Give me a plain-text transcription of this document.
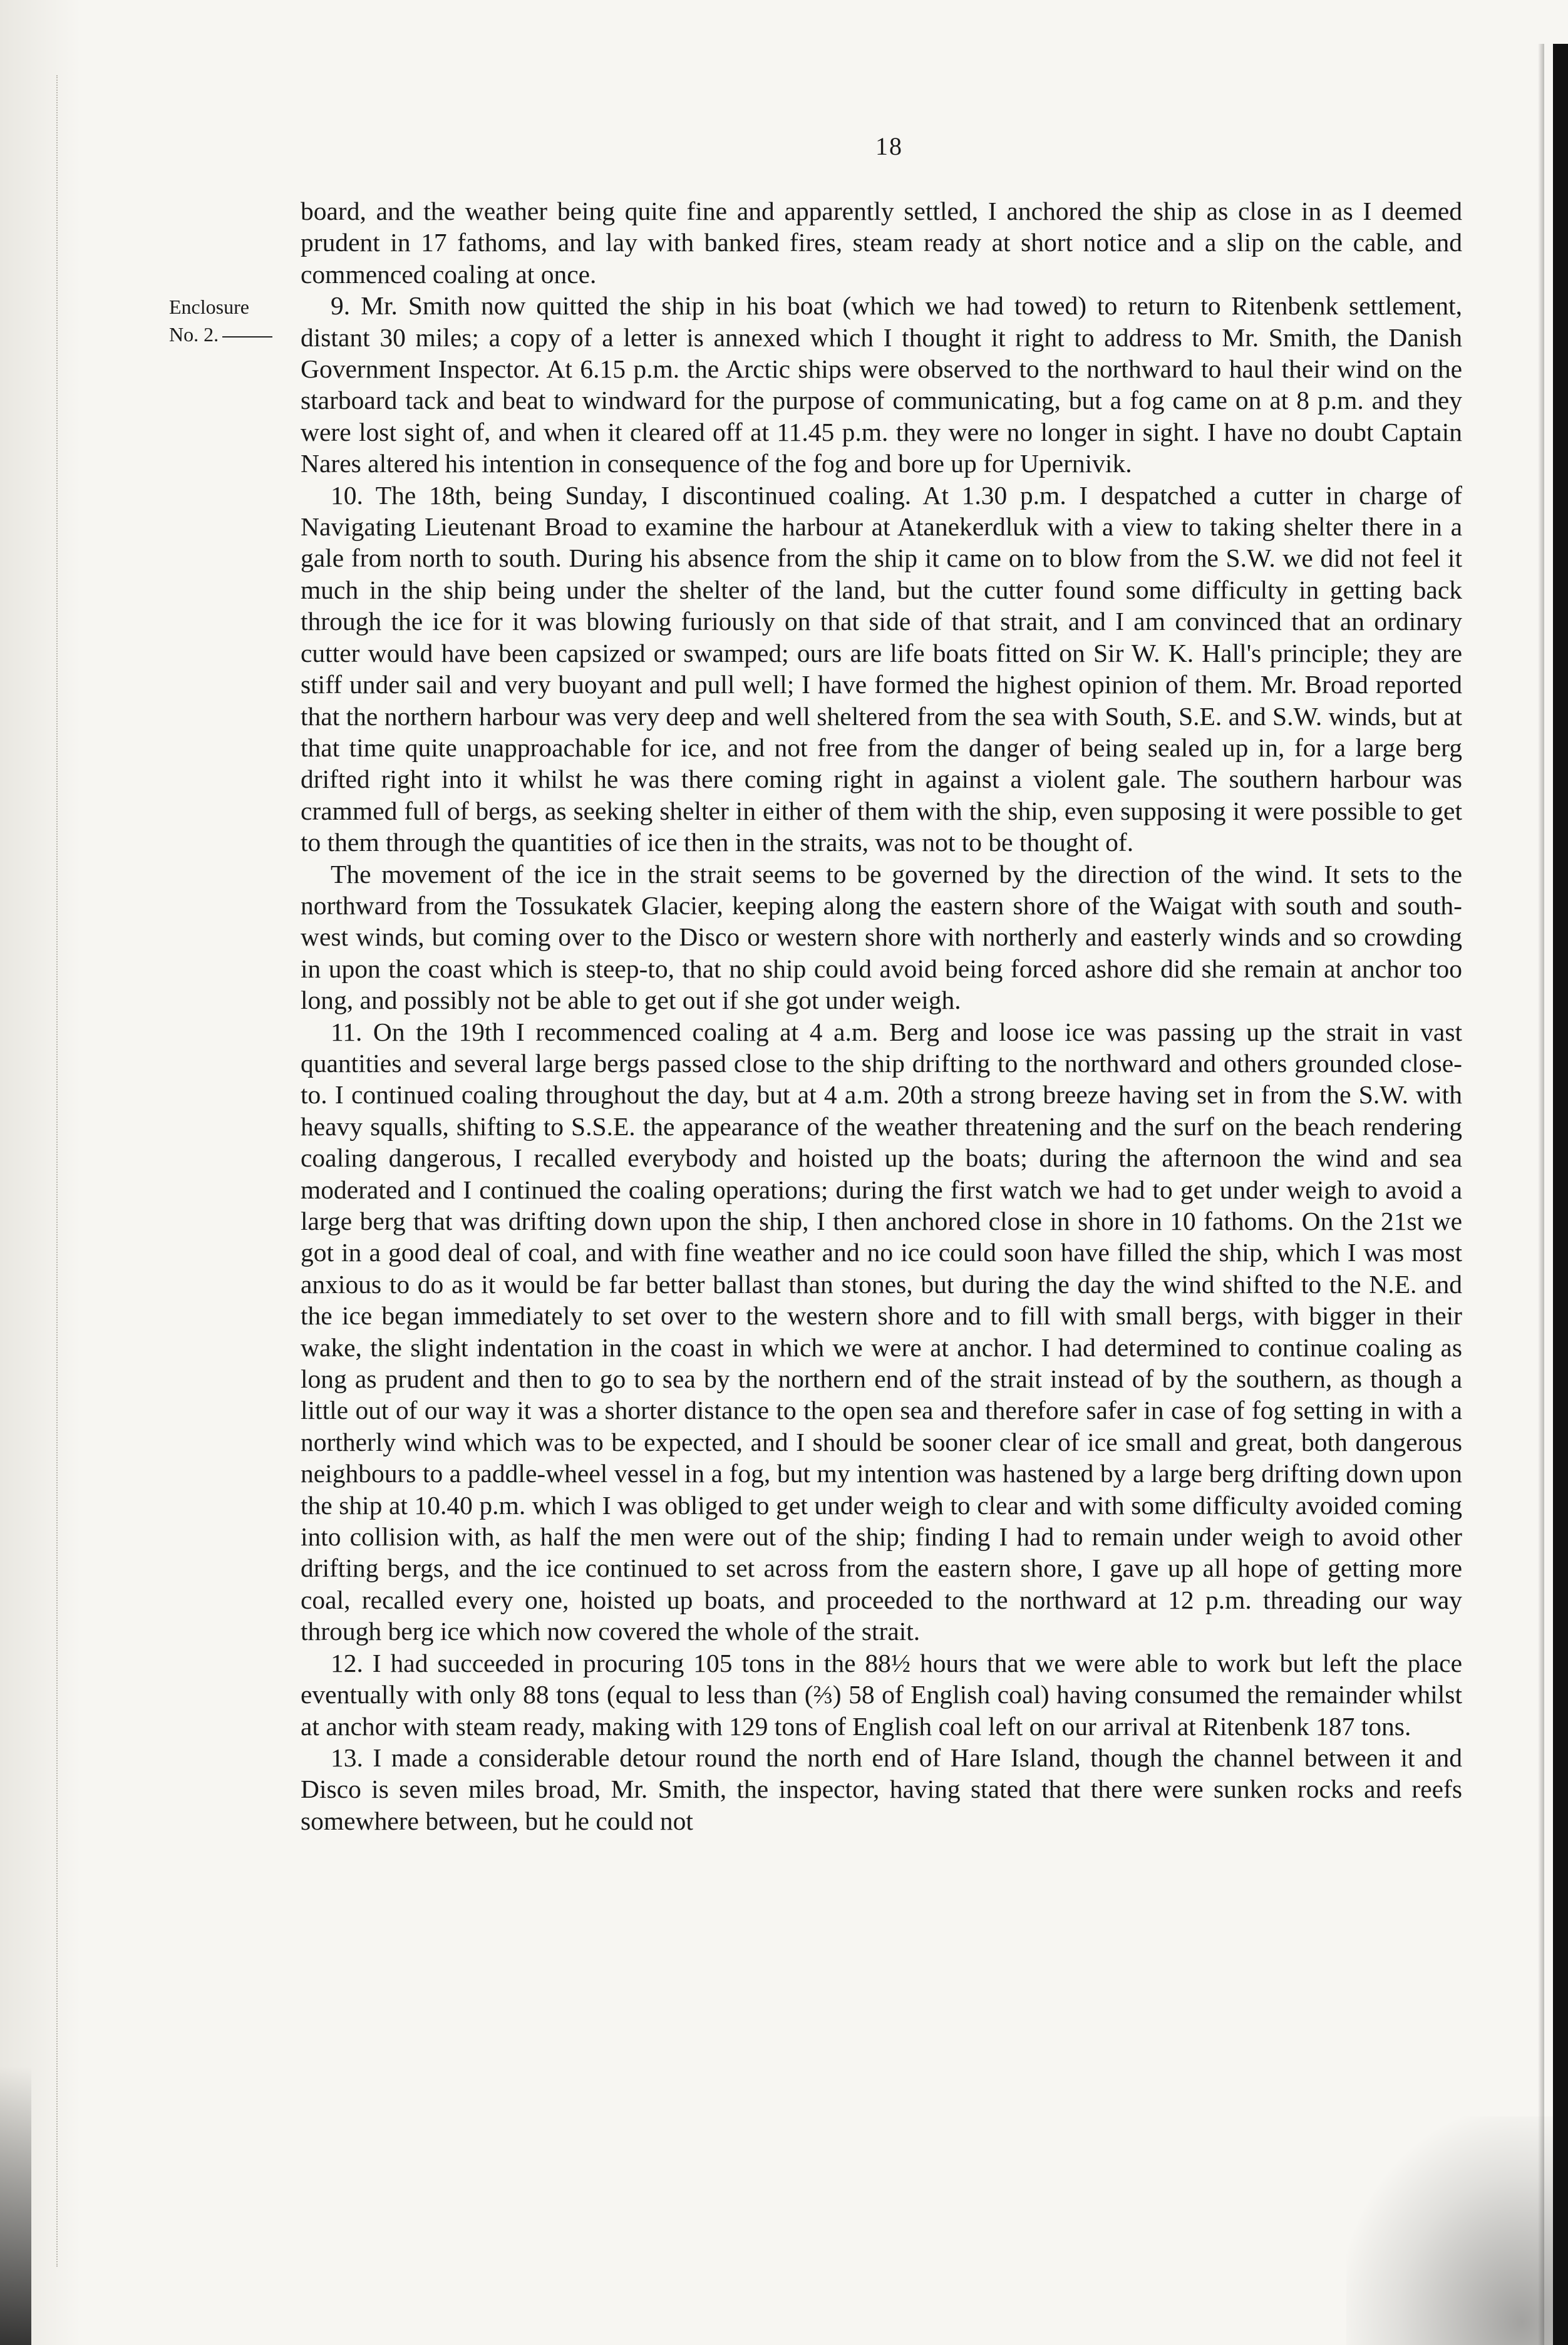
18
Enclosure
No. 2.

board, and the weather being quite fine and apparently settled, I anchored the ship as close in as I deemed prudent in 17 fathoms, and lay with banked fires, steam ready at short notice and a slip on the cable, and commenced coaling at once.

9. Mr. Smith now quitted the ship in his boat (which we had towed) to return to Ritenbenk settlement, distant 30 miles; a copy of a letter is annexed which I thought it right to address to Mr. Smith, the Danish Government Inspector. At 6.15 p.m. the Arctic ships were observed to the northward to haul their wind on the starboard tack and beat to windward for the purpose of communicating, but a fog came on at 8 p.m. and they were lost sight of, and when it cleared off at 11.45 p.m. they were no longer in sight. I have no doubt Captain Nares altered his intention in consequence of the fog and bore up for Upernivik.

10. The 18th, being Sunday, I discontinued coaling. At 1.30 p.m. I despatched a cutter in charge of Navigating Lieutenant Broad to examine the harbour at Atanekerdluk with a view to taking shelter there in a gale from north to south. During his absence from the ship it came on to blow from the S.W. we did not feel it much in the ship being under the shelter of the land, but the cutter found some difficulty in getting back through the ice for it was blowing furiously on that side of that strait, and I am convinced that an ordinary cutter would have been capsized or swamped; ours are life boats fitted on Sir W. K. Hall's principle; they are stiff under sail and very buoyant and pull well; I have formed the highest opinion of them. Mr. Broad reported that the northern harbour was very deep and well sheltered from the sea with South, S.E. and S.W. winds, but at that time quite unapproachable for ice, and not free from the danger of being sealed up in, for a large berg drifted right into it whilst he was there coming right in against a violent gale. The southern harbour was crammed full of bergs, as seeking shelter in either of them with the ship, even supposing it were possible to get to them through the quantities of ice then in the straits, was not to be thought of.

The movement of the ice in the strait seems to be governed by the direction of the wind. It sets to the northward from the Tossukatek Glacier, keeping along the eastern shore of the Waigat with south and south-west winds, but coming over to the Disco or western shore with northerly and easterly winds and so crowding in upon the coast which is steep-to, that no ship could avoid being forced ashore did she remain at anchor too long, and possibly not be able to get out if she got under weigh.

11. On the 19th I recommenced coaling at 4 a.m. Berg and loose ice was passing up the strait in vast quantities and several large bergs passed close to the ship drifting to the northward and others grounded close-to. I continued coaling throughout the day, but at 4 a.m. 20th a strong breeze having set in from the S.W. with heavy squalls, shifting to S.S.E. the appearance of the weather threatening and the surf on the beach rendering coaling dangerous, I recalled everybody and hoisted up the boats; during the afternoon the wind and sea moderated and I continued the coaling operations; during the first watch we had to get under weigh to avoid a large berg that was drifting down upon the ship, I then anchored close in shore in 10 fathoms. On the 21st we got in a good deal of coal, and with fine weather and no ice could soon have filled the ship, which I was most anxious to do as it would be far better ballast than stones, but during the day the wind shifted to the N.E. and the ice began immediately to set over to the western shore and to fill with small bergs, with bigger in their wake, the slight indentation in the coast in which we were at anchor. I had determined to continue coaling as long as prudent and then to go to sea by the northern end of the strait instead of by the southern, as though a little out of our way it was a shorter distance to the open sea and therefore safer in case of fog setting in with a northerly wind which was to be expected, and I should be sooner clear of ice small and great, both dangerous neighbours to a paddle-wheel vessel in a fog, but my intention was hastened by a large berg drifting down upon the ship at 10.40 p.m. which I was obliged to get under weigh to clear and with some difficulty avoided coming into collision with, as half the men were out of the ship; finding I had to remain under weigh to avoid other drifting bergs, and the ice continued to set across from the eastern shore, I gave up all hope of getting more coal, recalled every one, hoisted up boats, and proceeded to the northward at 12 p.m. threading our way through berg ice which now covered the whole of the strait.

12. I had succeeded in procuring 105 tons in the 88½ hours that we were able to work but left the place eventually with only 88 tons (equal to less than (⅔) 58 of English coal) having consumed the remainder whilst at anchor with steam ready, making with 129 tons of English coal left on our arrival at Ritenbenk 187 tons.

13. I made a considerable detour round the north end of Hare Island, though the channel between it and Disco is seven miles broad, Mr. Smith, the inspector, having stated that there were sunken rocks and reefs somewhere between, but he could not
